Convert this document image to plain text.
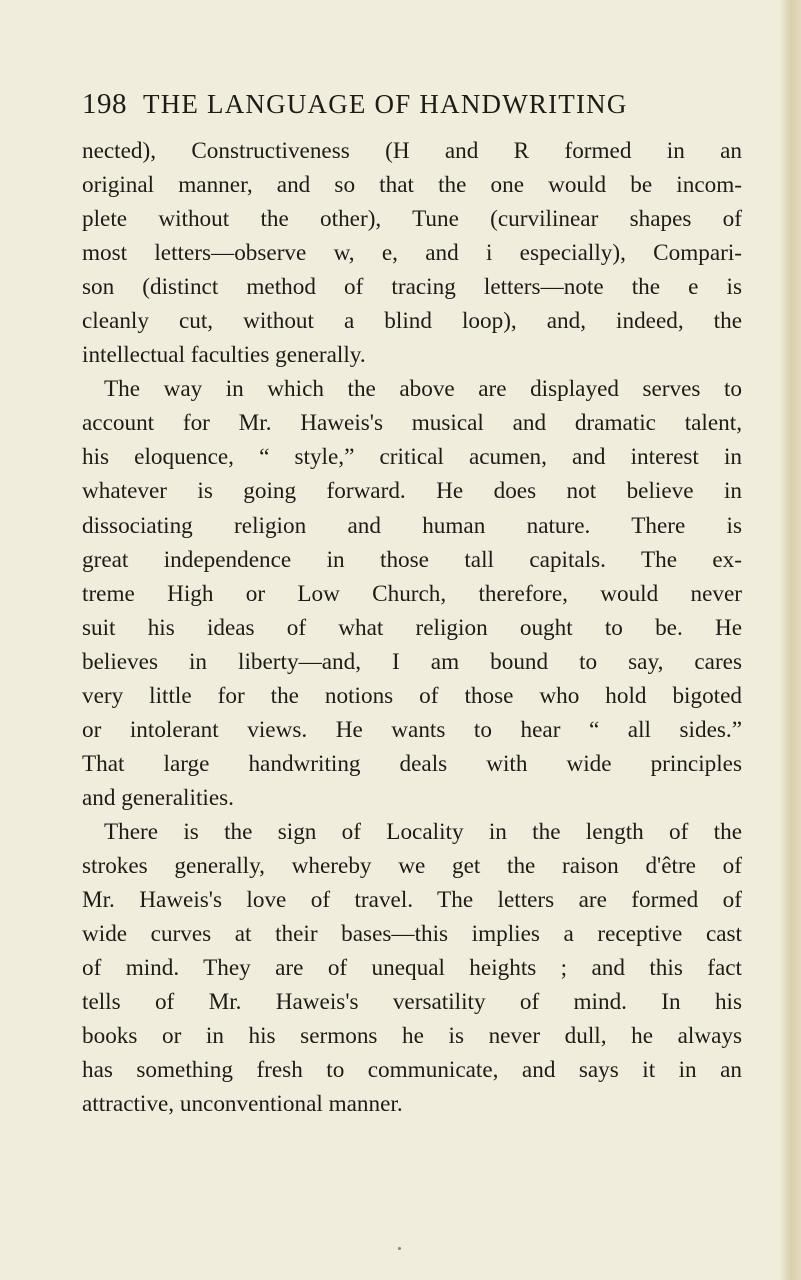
198 THE LANGUAGE OF HANDWRITING
nected), Constructiveness (H and R formed in an
original manner, and so that the one would be incom-
plete without the other), Tune (curvilinear shapes of
most letters—observe w, e, and i especially), Compari-
son (distinct method of tracing letters—note the e is
cleanly cut, without a blind loop), and, indeed, the
intellectual faculties generally.
The way in which the above are displayed serves to
account for Mr. Haweis's musical and dramatic talent,
his eloquence, “ style,” critical acumen, and interest in
whatever is going forward. He does not believe in
dissociating religion and human nature. There is
great independence in those tall capitals. The ex-
treme High or Low Church, therefore, would never
suit his ideas of what religion ought to be. He
believes in liberty—and, I am bound to say, cares
very little for the notions of those who hold bigoted
or intolerant views. He wants to hear “ all sides.”
That large handwriting deals with wide principles
and generalities.
There is the sign of Locality in the length of the
strokes generally, whereby we get the raison d'être of
Mr. Haweis's love of travel. The letters are formed of
wide curves at their bases—this implies a receptive cast
of mind. They are of unequal heights ; and this fact
tells of Mr. Haweis's versatility of mind. In his
books or in his sermons he is never dull, he always
has something fresh to communicate, and says it in an
attractive, unconventional manner.
